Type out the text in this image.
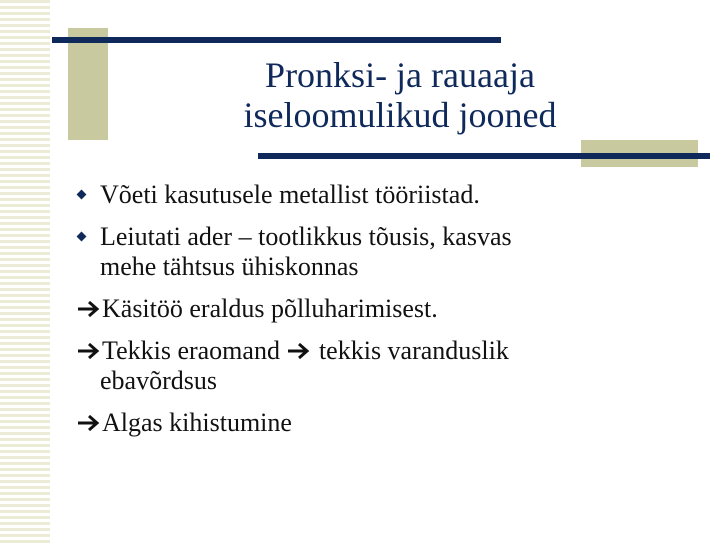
Pronksi- ja rauaaja
iseloomulikud jooned
Võeti kasutusele metallist tööriistad.
Leiutati ader – tootlikkus tõusis, kasvas
mehe tähtsus ühiskonnas
Käsitöö eraldus põlluharimisest.
Tekkis eraomand
tekkis varanduslik
ebavõrdsus
Algas kihistumine
